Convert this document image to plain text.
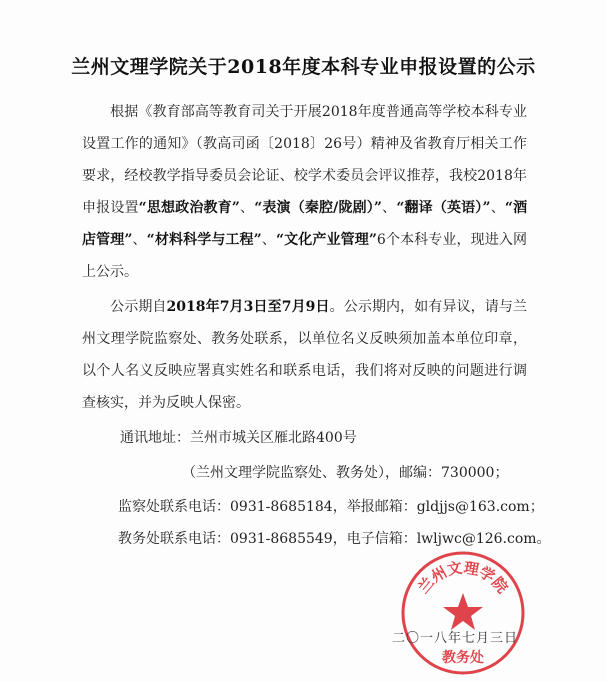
兰州文理学院关于2018年度本科专业申报设置的公示
根据《教育部高等教育司关于开展2018年度普通高等学校本科专业设置工作的通知》（教高司函〔2018〕26号）精神及省教育厅相关工作要求，经校教学指导委员会论证、校学术委员会评议推荐，我校2018年申报设置“思想政治教育”、“表演（秦腔/陇剧）”、“翻译（英语）”、“酒店管理”、“材料科学与工程”、“文化产业管理”6个本科专业，现进入网上公示。
公示期自2018年7月3日至7月9日。公示期内，如有异议，请与兰州文理学院监察处、教务处联系，以单位名义反映须加盖本单位印章，以个人名义反映应署真实姓名和联系电话，我们将对反映的问题进行调查核实，并为反映人保密。
通讯地址：兰州市城关区雁北路400号
（兰州文理学院监察处、教务处），邮编：730000；
监察处联系电话：0931-8685184，举报邮箱：gldjjs@163.com；
教务处联系电话：0931-8685549，电子信箱：lwljwc@126.com。
兰州文理学院
教务处
二〇一八年七月三日
